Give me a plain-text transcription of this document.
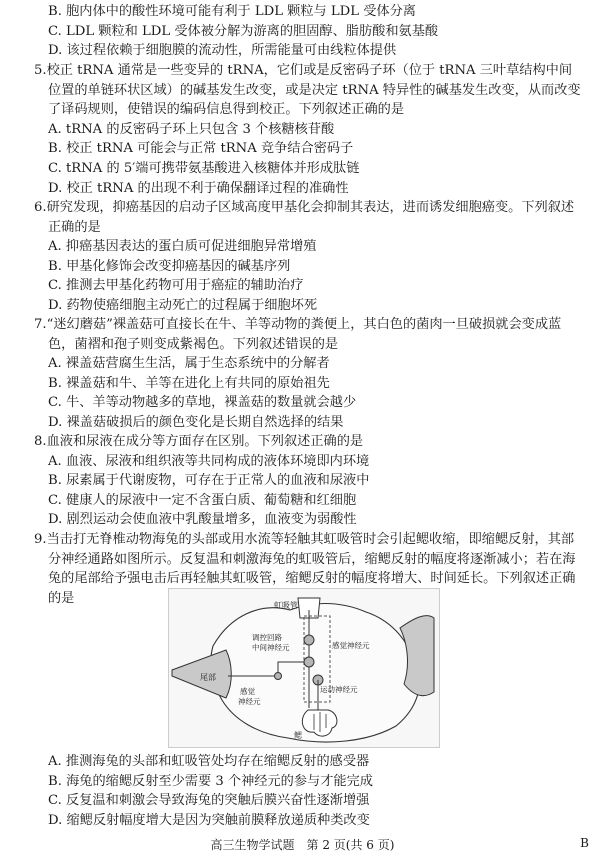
B. 胞内体中的酸性环境可能有利于 LDL 颗粒与 LDL 受体分离

C. LDL 颗粒和 LDL 受体被分解为游离的胆固醇、脂肪酸和氨基酸

D. 该过程依赖于细胞膜的流动性，所需能量可由线粒体提供

5.校正 tRNA 通常是一些变异的 tRNA，它们或是反密码子环（位于 tRNA 三叶草结构中间位置的单链环状区域）的碱基发生改变，或是决定 tRNA 特异性的碱基发生改变，从而改变了译码规则，使错误的编码信息得到校正。下列叙述正确的是

A. tRNA 的反密码子环上只包含 3 个核糖核苷酸

B. 校正 tRNA 可能会与正常 tRNA 竞争结合密码子

C. tRNA 的 5′端可携带氨基酸进入核糖体并形成肽链

D. 校正 tRNA 的出现不利于确保翻译过程的准确性

6.研究发现，抑癌基因的启动子区域高度甲基化会抑制其表达，进而诱发细胞癌变。下列叙述正确的是

A. 抑癌基因表达的蛋白质可促进细胞异常增殖

B. 甲基化修饰会改变抑癌基因的碱基序列

C. 推测去甲基化药物可用于癌症的辅助治疗

D. 药物使癌细胞主动死亡的过程属于细胞坏死

7.“迷幻蘑菇”裸盖菇可直接长在牛、羊等动物的粪便上，其白色的菌肉一旦破损就会变成蓝色，菌褶和孢子则变成紫褐色。下列叙述错误的是

A. 裸盖菇营腐生生活，属于生态系统中的分解者

B. 裸盖菇和牛、羊等在进化上有共同的原始祖先

C. 牛、羊等动物越多的草地，裸盖菇的数量就会越少

D. 裸盖菇破损后的颜色变化是长期自然选择的结果

8.血液和尿液在成分等方面存在区别。下列叙述正确的是

A. 血液、尿液和组织液等共同构成的液体环境即内环境

B. 尿素属于代谢废物，可存在于正常人的血液和尿液中

C. 健康人的尿液中一定不含蛋白质、葡萄糖和红细胞

D. 剧烈运动会使血液中乳酸量增多，血液变为弱酸性

9.当击打无脊椎动物海兔的头部或用水流等轻触其虹吸管时会引起鳃收缩，即缩鳃反射，其部分神经通路如图所示。反复温和刺激海兔的虹吸管后，缩鳃反射的幅度将逐渐减小；若在海兔的尾部给予强电击后再轻触其虹吸管，缩鳃反射的幅度将增大、时间延长。下列叙述正确的是	虹吸管
调控回路
中间神经元	感觉神经元
尾部
感觉
神经元
运动神经元
鳃

A. 推测海兔的头部和虹吸管处均存在缩鳃反射的感受器

B. 海兔的缩鳃反射至少需要 3 个神经元的参与才能完成

C. 反复温和刺激会导致海兔的突触后膜兴奋性逐渐增强

D. 缩鳃反射幅度增大是因为突触前膜释放递质种类改变

高三生物学试题　第 2 页(共 6 页)	B
